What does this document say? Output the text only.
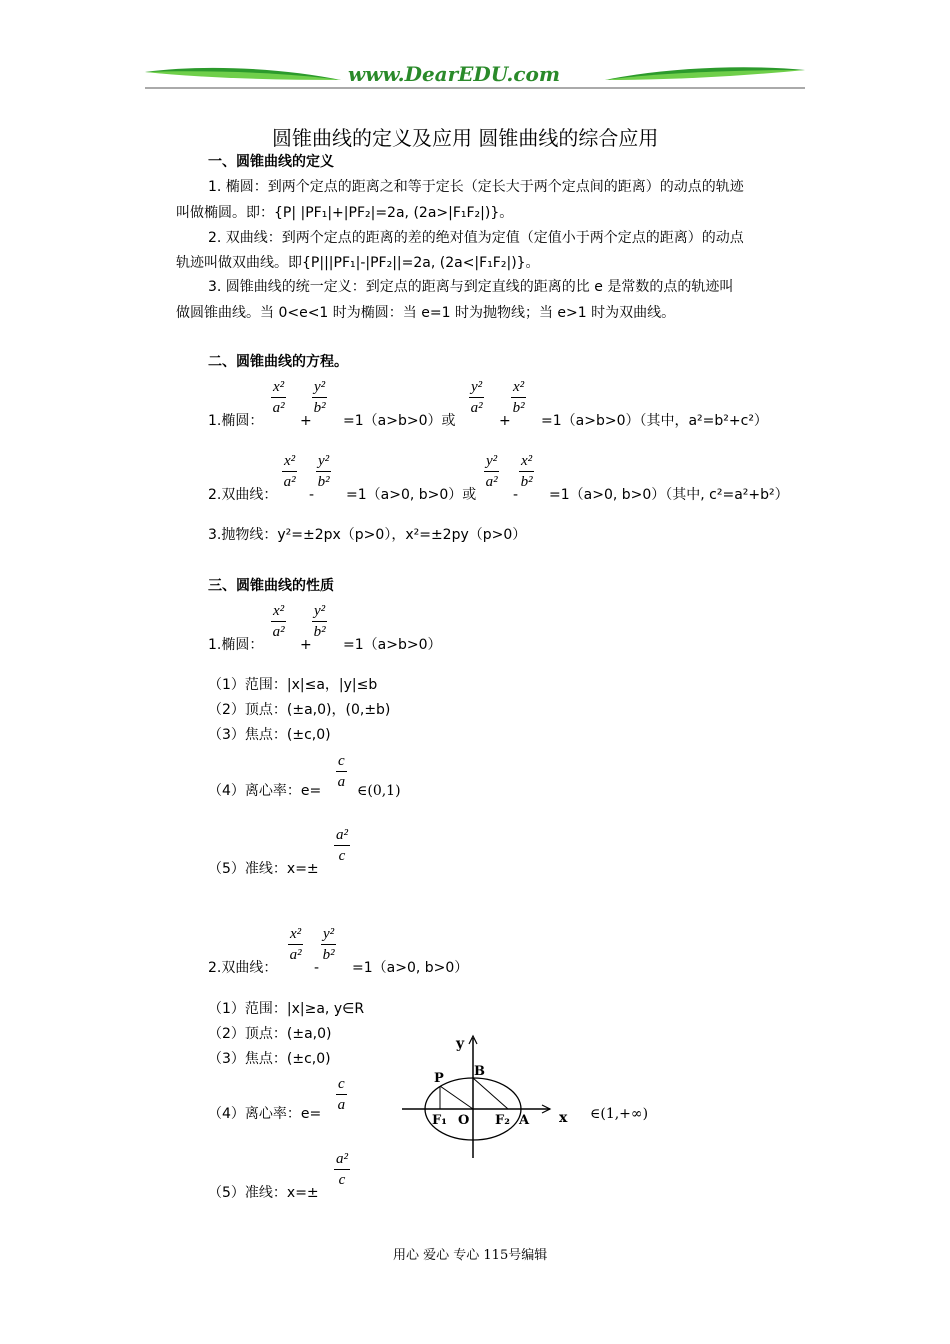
www.DearEDU.com
圆锥曲线的定义及应用 圆锥曲线的综合应用
一、圆锥曲线的定义
1. 椭圆：到两个定点的距离之和等于定长（定长大于两个定点间的距离）的动点的轨迹
叫做椭圆。即：{P| |PF₁|+|PF₂|=2a, (2a>|F₁F₂|)}。
2. 双曲线：到两个定点的距离的差的绝对值为定值（定值小于两个定点的距离）的动点
轨迹叫做双曲线。即{P|||PF₁|-|PF₂||=2a, (2a<|F₁F₂|)}。
3. 圆锥曲线的统一定义：到定点的距离与到定直线的距离的比 e 是常数的点的轨迹叫
做圆锥曲线。当 0<e<1 时为椭圆：当 e=1 时为抛物线；当 e>1 时为双曲线。
二、圆锥曲线的方程。
1.椭圆：
$\frac{\text{x²}}{\text{a²}}$
+
$\frac{\text{y²}}{\text{b²}}$
=1（a>b>0）或
$\frac{\text{y²}}{\text{a²}}$
+
$\frac{\text{x²}}{\text{b²}}$
=1（a>b>0）（其中，a²=b²+c²）
2.双曲线：
$\frac{\text{x²}}{\text{a²}}$
-
$\frac{\text{y²}}{\text{b²}}$
=1（a>0, b>0）或
$\frac{\text{y²}}{\text{a²}}$
-
$\frac{\text{x²}}{\text{b²}}$
=1（a>0, b>0）（其中, c²=a²+b²）
3.抛物线：y²=±2px（p>0），x²=±2py（p>0）
三、圆锥曲线的性质
1.椭圆：
$\frac{\text{x²}}{\text{a²}}$
+
$\frac{\text{y²}}{\text{b²}}$
=1（a>b>0）
（1）范围：|x|≤a，|y|≤b
（2）顶点：(±a,0)，(0,±b)
（3）焦点：(±c,0)
（4）离心率：$e= \frac{c}{a}$ ∈(0,1)
（5）准线：x=±
$\frac{\text{a²}}{c}$
2.双曲线：
$\frac{\text{x²}}{\text{a²}}$
-
$\frac{\text{y²}}{\text{b²}}$
=1（a>0, b>0）
（1）范围：|x|≥a, y∈R
（2）顶点：(±a,0)
（3）焦点：(±c,0)
（4）离心率：$e= \frac{c}{a}$	∈(1,+∞)
（5）准线：x=±
$\frac{\text{a²}}{c}$
y
x
P B
F₁ O F₂ A
用心 爱心 专心 115号编辑
